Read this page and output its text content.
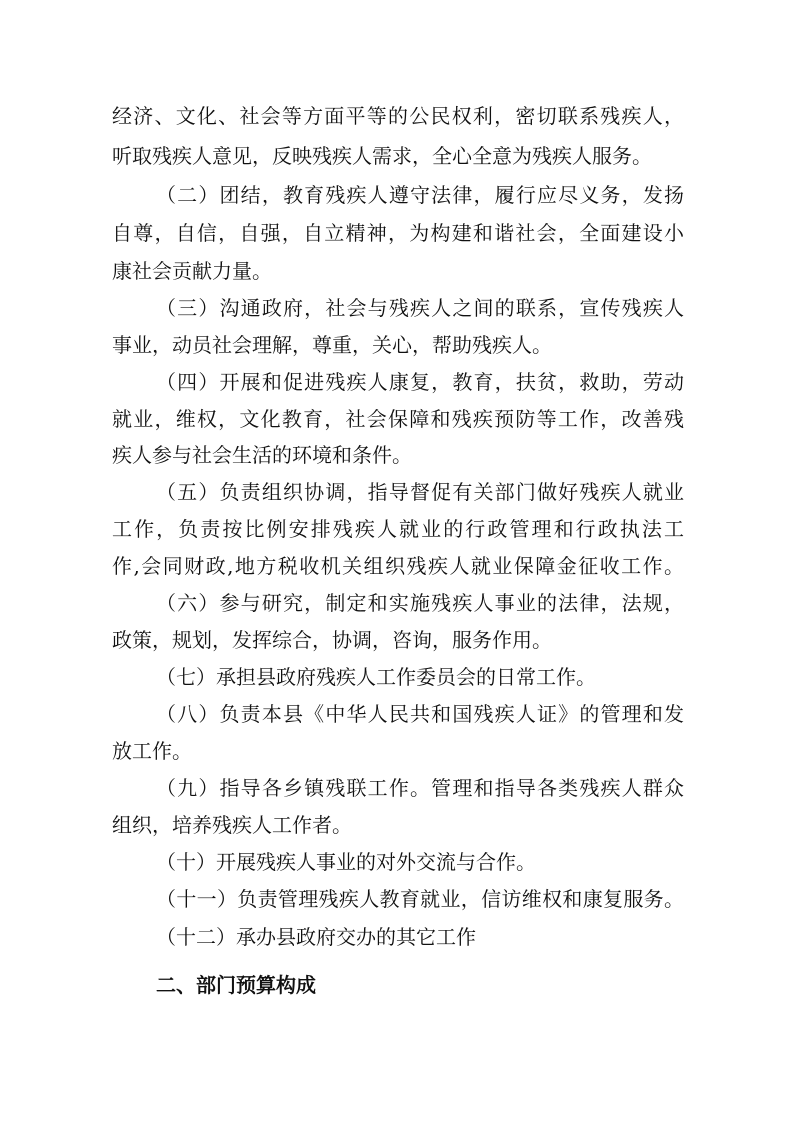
经济、文化、社会等方面平等的公民权利，密切联系残疾人，
听取残疾人意见，反映残疾人需求，全心全意为残疾人服务。
（二）团结，教育残疾人遵守法律，履行应尽义务，发扬
自尊，自信，自强，自立精神，为构建和谐社会，全面建设小
康社会贡献力量。
（三）沟通政府，社会与残疾人之间的联系，宣传残疾人
事业，动员社会理解，尊重，关心，帮助残疾人。
（四）开展和促进残疾人康复，教育，扶贫，救助，劳动
就业，维权，文化教育，社会保障和残疾预防等工作，改善残
疾人参与社会生活的环境和条件。
（五）负责组织协调，指导督促有关部门做好残疾人就业
工作，负责按比例安排残疾人就业的行政管理和行政执法工
作,会同财政,地方税收机关组织残疾人就业保障金征收工作。
（六）参与研究，制定和实施残疾人事业的法律，法规，
政策，规划，发挥综合，协调，咨询，服务作用。
（七）承担县政府残疾人工作委员会的日常工作。
（八）负责本县《中华人民共和国残疾人证》的管理和发
放工作。
（九）指导各乡镇残联工作。管理和指导各类残疾人群众
组织，培养残疾人工作者。
（十）开展残疾人事业的对外交流与合作。
（十一）负责管理残疾人教育就业，信访维权和康复服务。
（十二）承办县政府交办的其它工作
二、部门预算构成
